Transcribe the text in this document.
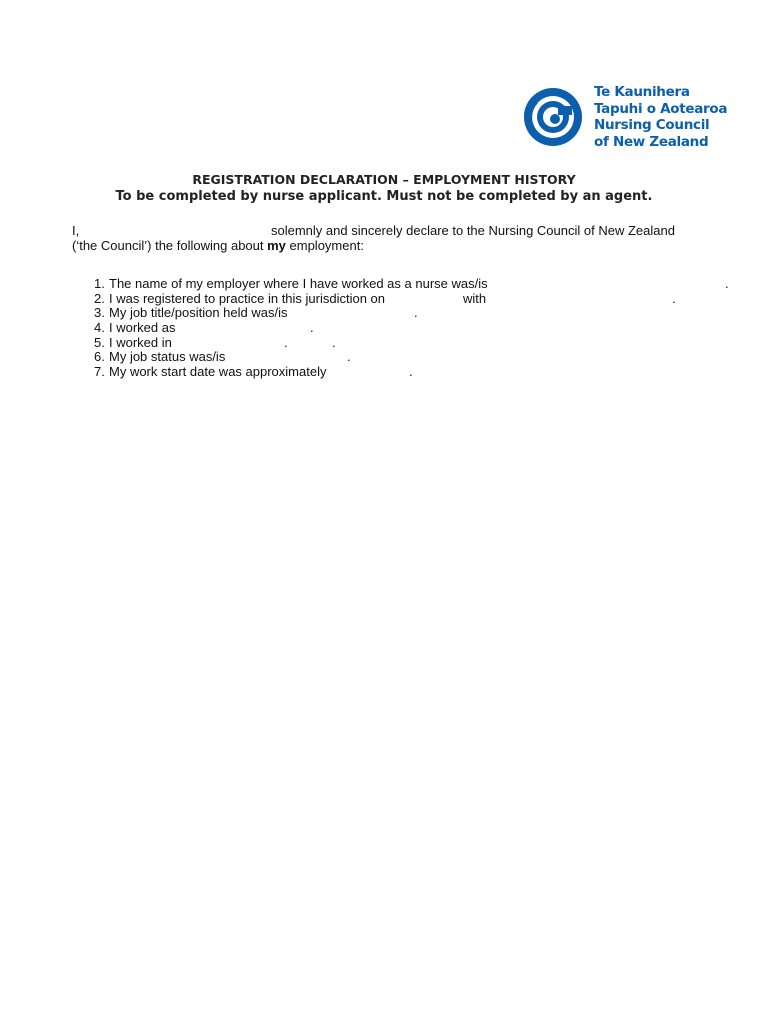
Te Kaunihera
Tapuhi o Aotearoa
Nursing Council
of New Zealand
REGISTRATION DECLARATION – EMPLOYMENT HISTORY
To be completed by nurse applicant. Must not be completed by an agent.
I,	solemnly and sincerely declare to the Nursing Council of New Zealand
(‘the Council’) the following about my employment:
1. The name of my employer where I have worked as a nurse was/is	.
2. I was registered to practice in this jurisdiction on	with	.
3. My job title/position held was/is	.
4. I worked as	.
5. I worked in	.	.
6. My job status was/is	.
7. My work start date was approximately	.
